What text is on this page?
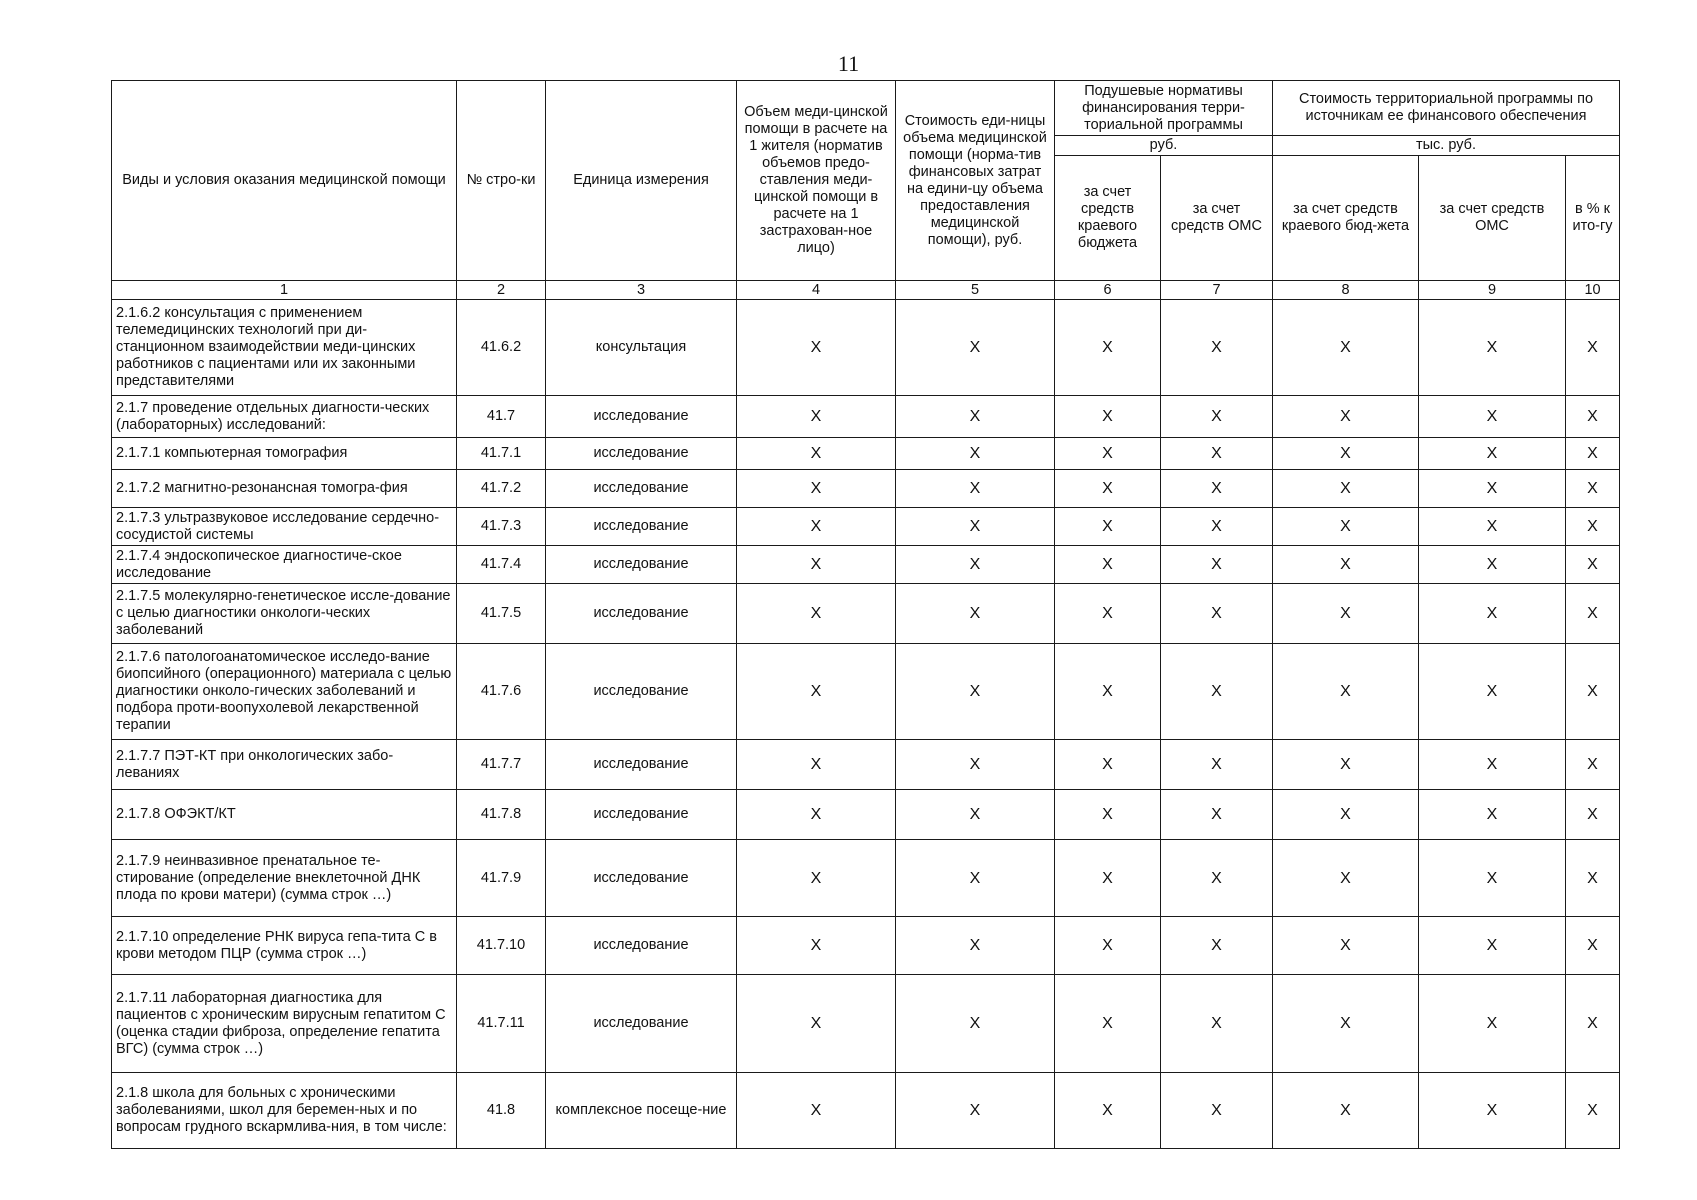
11
Виды и условия оказания медицинской помощи	№ стро-ки	Единица измерения	Объем меди-цинской помощи в расчете на 1 жителя (норматив объемов предо-ставления меди-цинской помощи в расчете на 1 застрахован-ное лицо)	Стоимость еди-ницы объема медицинской помощи (норма-тив финансовых затрат на едини-цу объема предоставления медицинской помощи), руб.	Подушевые нормативы финансирования терри-ториальной программы		Стоимость территориальной программы по источникам ее финансового обеспечения		
					руб.		тыс. руб.		
					за счет средств краевого бюджета	за счет средств ОМС	за счет средств краевого бюд-жета	за счет средств ОМС	в % к ито-гу
1	2	3	4	5	6	7	8	9	10
2.1.6.2 консультация с применением телемедицинских технологий при ди-станционном взаимодействии меди-цинских работников с пациентами или их законными представителями	41.6.2	консультация	Х	Х	Х	Х	Х	Х	Х
2.1.7 проведение отдельных диагности-ческих (лабораторных) исследований:	41.7	исследование	Х	Х	Х	Х	Х	Х	Х
2.1.7.1 компьютерная томография	41.7.1	исследование	Х	Х	Х	Х	Х	Х	Х
2.1.7.2 магнитно-резонансная томогра-фия	41.7.2	исследование	Х	Х	Х	Х	Х	Х	Х
2.1.7.3 ультразвуковое исследование сердечно-сосудистой системы	41.7.3	исследование	Х	Х	Х	Х	Х	Х	Х
2.1.7.4 эндоскопическое диагностиче-ское исследование	41.7.4	исследование	Х	Х	Х	Х	Х	Х	Х
2.1.7.5 молекулярно-генетическое иссле-дование с целью диагностики онкологи-ческих заболеваний	41.7.5	исследование	Х	Х	Х	Х	Х	Х	Х
2.1.7.6 патологоанатомическое исследо-вание биопсийного (операционного) материала с целью диагностики онколо-гических заболеваний и подбора проти-воопухолевой лекарственной терапии	41.7.6	исследование	Х	Х	Х	Х	Х	Х	Х
2.1.7.7 ПЭТ-КТ при онкологических забо-леваниях	41.7.7	исследование	Х	Х	Х	Х	Х	Х	Х
2.1.7.8 ОФЭКТ/КТ	41.7.8	исследование	Х	Х	Х	Х	Х	Х	Х
2.1.7.9 неинвазивное пренатальное те-стирование (определение внеклеточной ДНК плода по крови матери) (сумма строк …)	41.7.9	исследование	Х	Х	Х	Х	Х	Х	Х
2.1.7.10 определение РНК вируса гепа-тита С в крови методом ПЦР (сумма строк …)	41.7.10	исследование	Х	Х	Х	Х	Х	Х	Х
2.1.7.11 лабораторная диагностика для пациентов с хроническим вирусным гепатитом С (оценка стадии фиброза, определение гепатита ВГС) (сумма строк …)	41.7.11	исследование	Х	Х	Х	Х	Х	Х	Х
2.1.8 школа для больных с хроническими заболеваниями, школ для беремен-ных и по вопросам грудного вскармлива-ния, в том числе:	41.8	комплексное посеще-ние	Х	Х	Х	Х	Х	Х	Х
